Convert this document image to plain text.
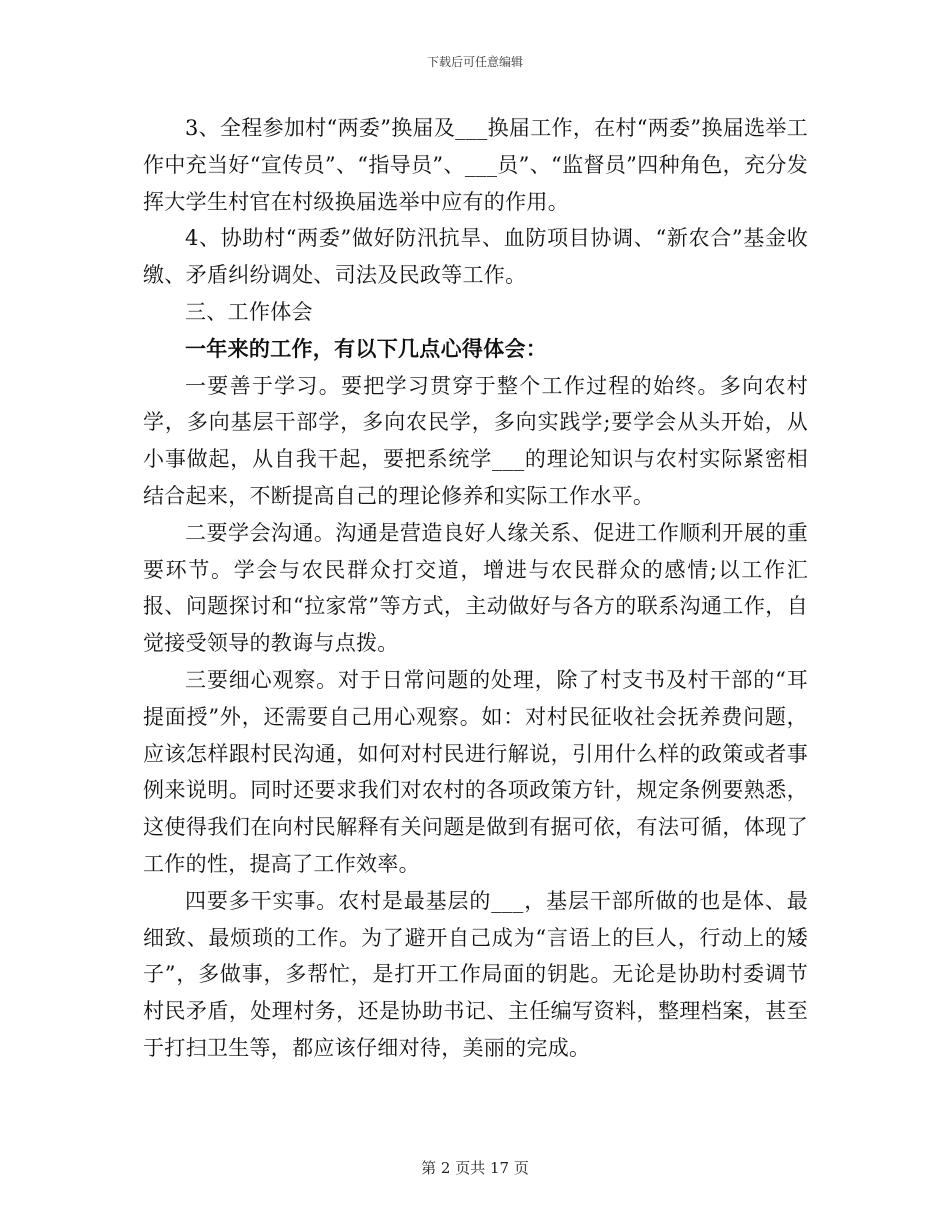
下载后可任意编辑

3、全程参加村“两委”换届及___换届工作，在村“两委”换届选举工作中充当好“宣传员”、“指导员”、___员”、“监督员”四种角色，充分发挥大学生村官在村级换届选举中应有的作用。

4、协助村“两委”做好防汛抗旱、血防项目协调、“新农合”基金收缴、矛盾纠纷调处、司法及民政等工作。

三、工作体会

一年来的工作，有以下几点心得体会：

一要善于学习。要把学习贯穿于整个工作过程的始终。多向农村学，多向基层干部学，多向农民学，多向实践学;要学会从头开始，从小事做起，从自我干起，要把系统学___的理论知识与农村实际紧密相结合起来，不断提高自己的理论修养和实际工作水平。

二要学会沟通。沟通是营造良好人缘关系、促进工作顺利开展的重要环节。学会与农民群众打交道，增进与农民群众的感情;以工作汇报、问题探讨和“拉家常”等方式，主动做好与各方的联系沟通工作，自觉接受领导的教诲与点拨。

三要细心观察。对于日常问题的处理，除了村支书及村干部的“耳提面授”外，还需要自己用心观察。如：对村民征收社会抚养费问题，应该怎样跟村民沟通，如何对村民进行解说，引用什么样的政策或者事例来说明。同时还要求我们对农村的各项政策方针，规定条例要熟悉，这使得我们在向村民解释有关问题是做到有据可依，有法可循，体现了工作的性，提高了工作效率。

四要多干实事。农村是最基层的___，基层干部所做的也是体、最细致、最烦琐的工作。为了避开自己成为“言语上的巨人，行动上的矮子”，多做事，多帮忙，是打开工作局面的钥匙。无论是协助村委调节村民矛盾，处理村务，还是协助书记、主任编写资料，整理档案，甚至于打扫卫生等，都应该仔细对待，美丽的完成。

第 2 页共 17 页
